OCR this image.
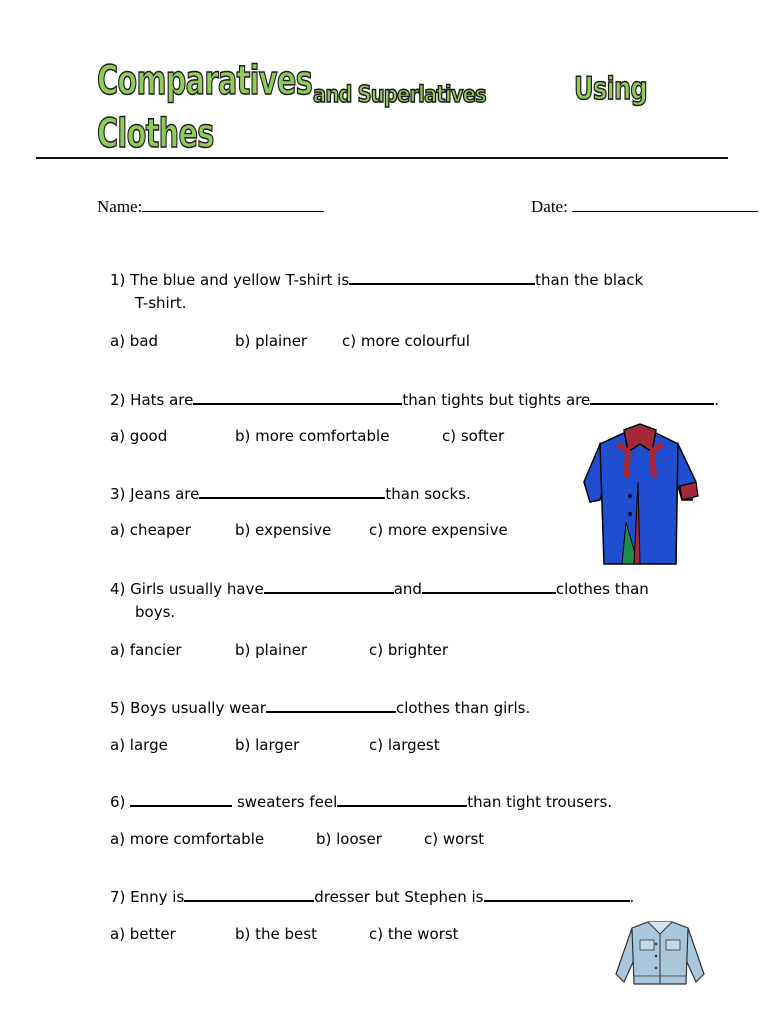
Comparatives and Superlatives	Using
Clothes
Name:	Date:
1) The blue and yellow T-shirt is	than the black
T-shirt.
a) bad	b) plainer c) more colourful
2) Hats are	than tights but tights are	.
a) good	b) more comfortable	c) softer
3) Jeans are	than socks.
a) cheaper	b) expensive	c) more expensive
4) Girls usually have	and	clothes than
boys.
a) fancier	b) plainer	c) brighter
5) Boys usually wear	clothes than girls.
a) large	b) larger	c) largest
6)	sweaters feel	than tight trousers.
a) more comfortable	b) looser	c) worst
7) Enny is	dresser but Stephen is	.
a) better	b) the best	c) the worst
